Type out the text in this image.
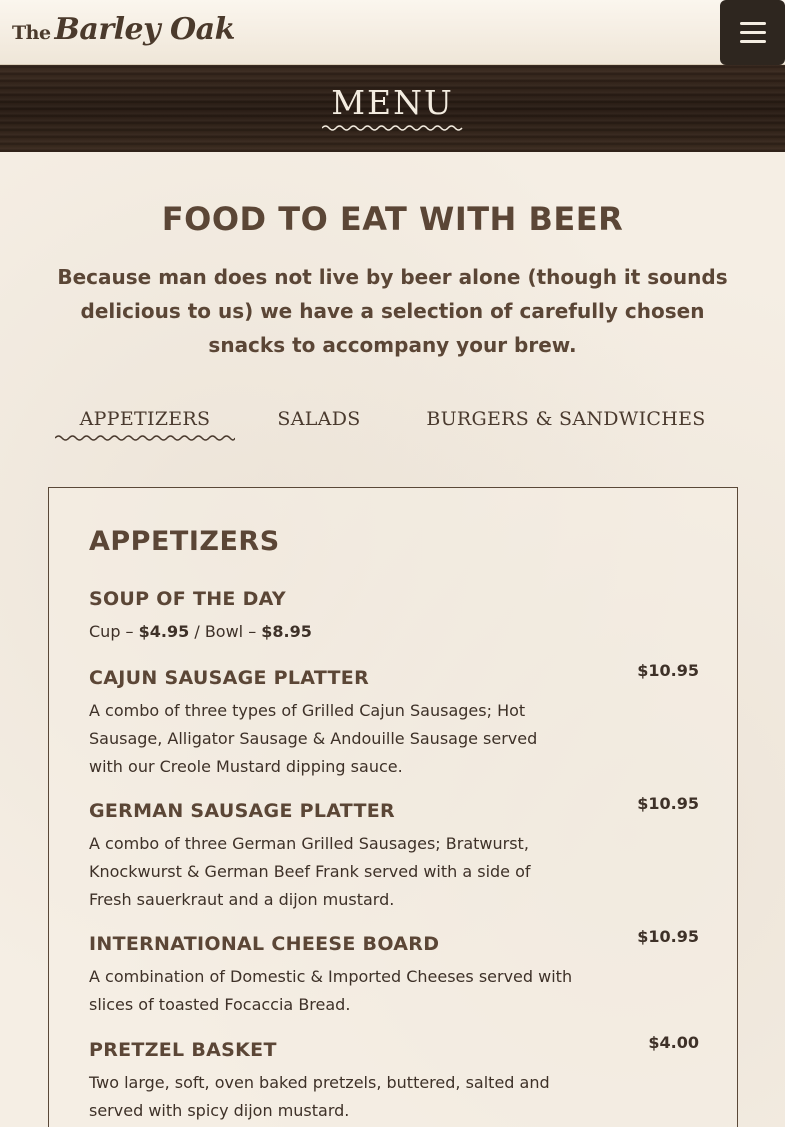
The Barley Oak
MENU
FOOD TO EAT WITH BEER

Because man does not live by beer alone (though it sounds delicious to us) we have a selection of carefully chosen snacks to accompany your brew.

APPETIZERS	SALADS	BURGERS & SANDWICHES
APPETIZERS
SOUP OF THE DAY
Cup – $4.95 / Bowl – $8.95
CAJUN SAUSAGE PLATTER
A combo of three types of Grilled Cajun Sausages; Hot Sausage, Alligator Sausage & Andouille Sausage served with our Creole Mustard dipping sauce.
$10.95
GERMAN SAUSAGE PLATTER
A combo of three German Grilled Sausages; Bratwurst, Knockwurst & German Beef Frank served with a side of Fresh sauerkraut and a dijon mustard.
$10.95
INTERNATIONAL CHEESE BOARD
A combination of Domestic & Imported Cheeses served with slices of toasted Focaccia Bread.
$10.95
PRETZEL BASKET
Two large, soft, oven baked pretzels, buttered, salted and served with spicy dijon mustard.
$4.00
